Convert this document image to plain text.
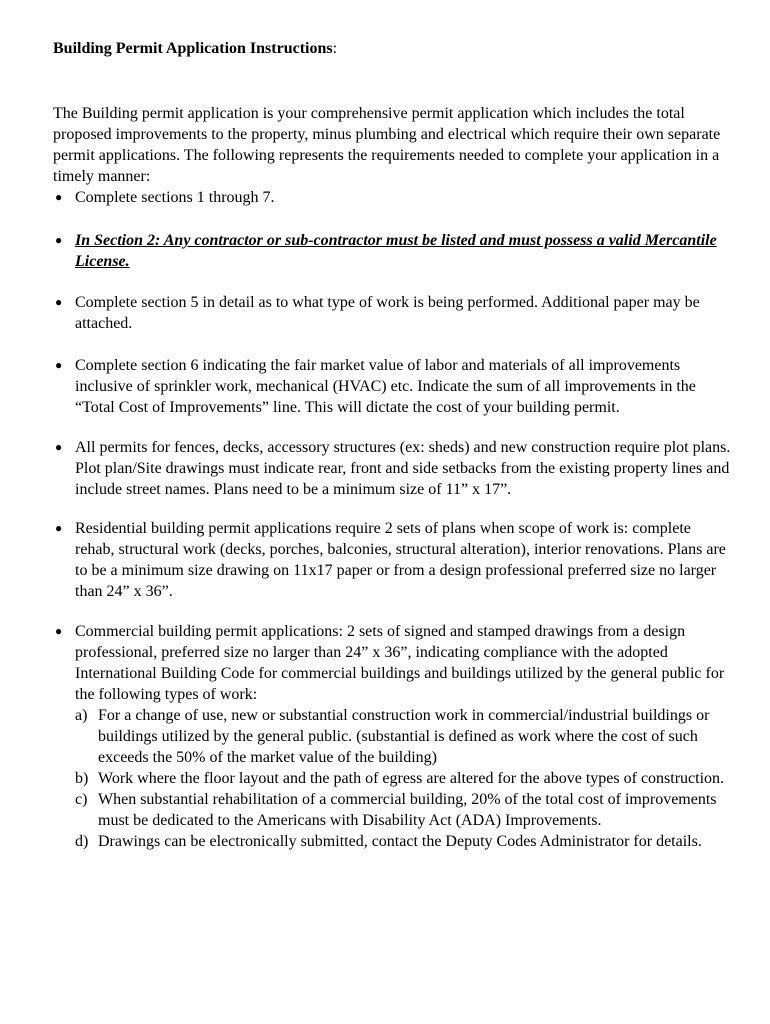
Building Permit Application Instructions:

The Building permit application is your comprehensive permit application which includes the total proposed improvements to the property, minus plumbing and electrical which require their own separate permit applications. The following represents the requirements needed to complete your application in a timely manner:

● Complete sections 1 through 7.
● In Section 2: Any contractor or sub-contractor must be listed and must possess a valid Mercantile License.
● Complete section 5 in detail as to what type of work is being performed. Additional paper may be attached.
● Complete section 6 indicating the fair market value of labor and materials of all improvements inclusive of sprinkler work, mechanical (HVAC) etc. Indicate the sum of all improvements in the “Total Cost of Improvements” line. This will dictate the cost of your building permit.
● All permits for fences, decks, accessory structures (ex: sheds) and new construction require plot plans. Plot plan/Site drawings must indicate rear, front and side setbacks from the existing property lines and include street names. Plans need to be a minimum size of 11” x 17”.
● Residential building permit applications require 2 sets of plans when scope of work is: complete rehab, structural work (decks, porches, balconies, structural alteration), interior renovations. Plans are to be a minimum size drawing on 11x17 paper or from a design professional preferred size no larger than 24” x 36”.
● Commercial building permit applications: 2 sets of signed and stamped drawings from a design professional, preferred size no larger than 24” x 36”, indicating compliance with the adopted International Building Code for commercial buildings and buildings utilized by the general public for the following types of work:
a) For a change of use, new or substantial construction work in commercial/industrial buildings or buildings utilized by the general public. (substantial is defined as work where the cost of such exceeds the 50% of the market value of the building)
b) Work where the floor layout and the path of egress are altered for the above types of construction.
c) When substantial rehabilitation of a commercial building, 20% of the total cost of improvements must be dedicated to the Americans with Disability Act (ADA) Improvements.
d) Drawings can be electronically submitted, contact the Deputy Codes Administrator for details.
